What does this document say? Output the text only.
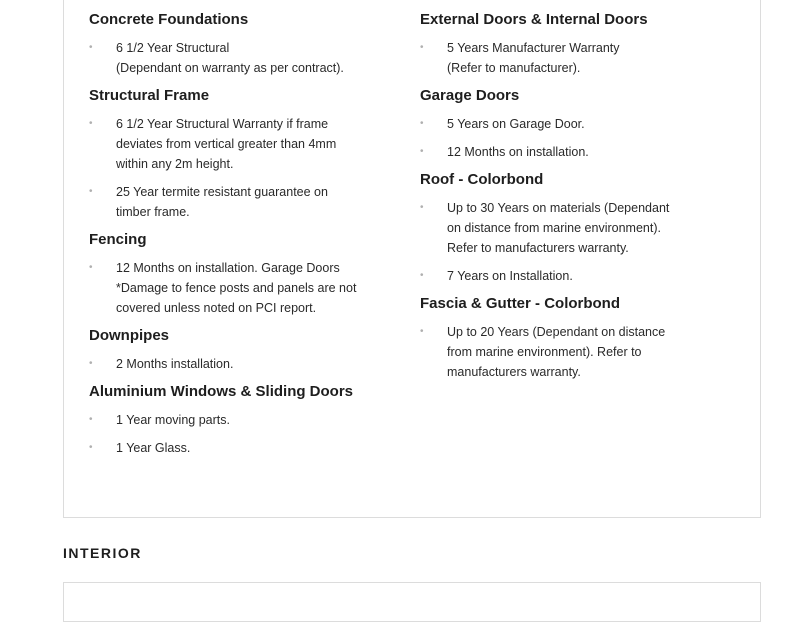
Concrete Foundations
• 6 1/2 Year Structural
(Dependant on warranty as per contract).
Structural Frame
• 6 1/2 Year Structural Warranty if frame
deviates from vertical greater than 4mm
within any 2m height.
• 25 Year termite resistant guarantee on
timber frame.
Fencing
• 12 Months on installation. Garage Doors
*Damage to fence posts and panels are not
covered unless noted on PCI report.
Downpipes
• 2 Months installation.
Aluminium Windows & Sliding Doors
• 1 Year moving parts.
• 1 Year Glass.
External Doors & Internal Doors
• 5 Years Manufacturer Warranty
(Refer to manufacturer).
Garage Doors
• 5 Years on Garage Door.
• 12 Months on installation.
Roof - Colorbond
• Up to 30 Years on materials (Dependant
on distance from marine environment).
Refer to manufacturers warranty.
• 7 Years on Installation.
Fascia & Gutter - Colorbond
• Up to 20 Years (Dependant on distance
from marine environment). Refer to
manufacturers warranty.
INTERIOR
